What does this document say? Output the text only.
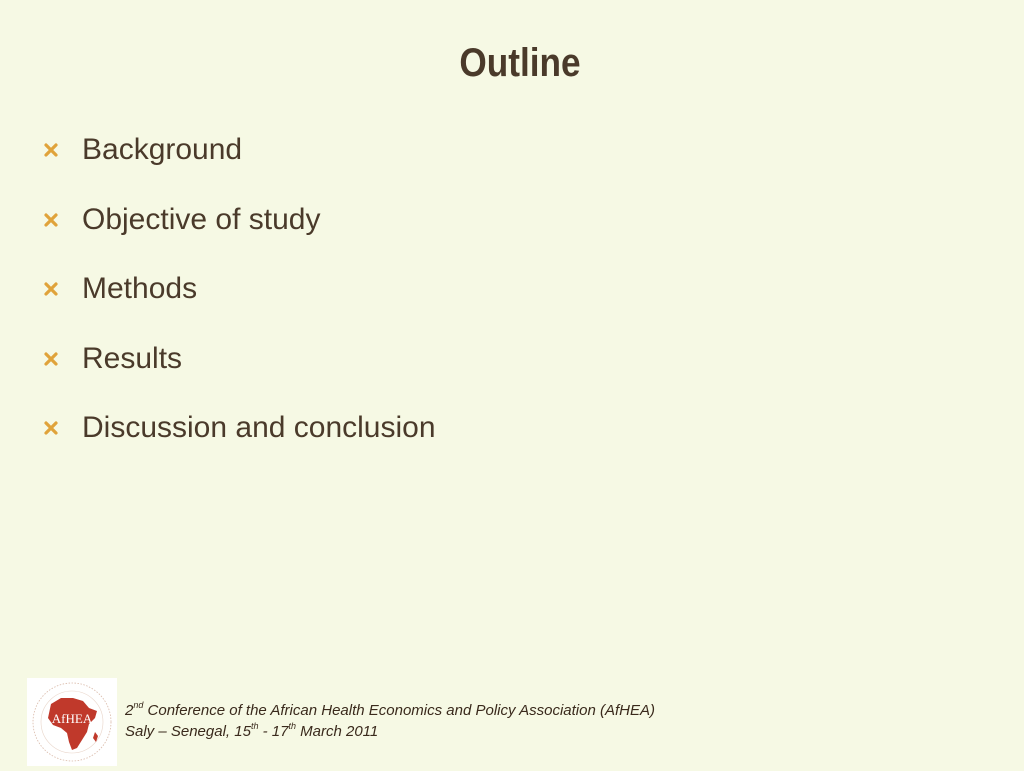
Outline
Background
Objective of study
Methods
Results
Discussion and conclusion
AfHEA 2nd Conference of the African Health Economics and Policy Association (AfHEA)
Saly – Senegal, 15th - 17th March 2011
